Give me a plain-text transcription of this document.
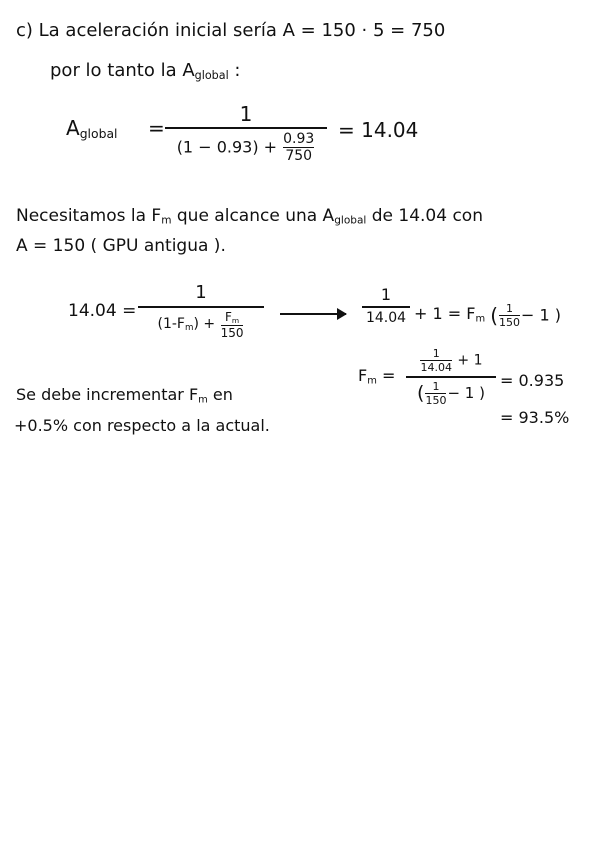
c) La aceleración inicial sería A = 150 · 5 = 750
por lo tanto la $A_{global}$ :
$A_{global}$ =
1
$(1 - 0.93) + \frac{0.93}{750}$
= 14.04
Necesitamos la $F_m$ que alcance una $A_{global}$ de 14.04 con
A = 150 ( GPU antigua ).
14.04 =
1
$(1-F_m) + \frac{F_m}{150}$
1
$14.04 + 1 = F_m$ ( $\frac{1}{150} - 1$ )
$F_m$ =
$\frac{1}{14.04} + 1$
( $\frac{1}{150} - 1$ )
= 0.935
= 93.5%
Se debe incrementar $F_m$ en
+0.5% con respecto a la actual.
